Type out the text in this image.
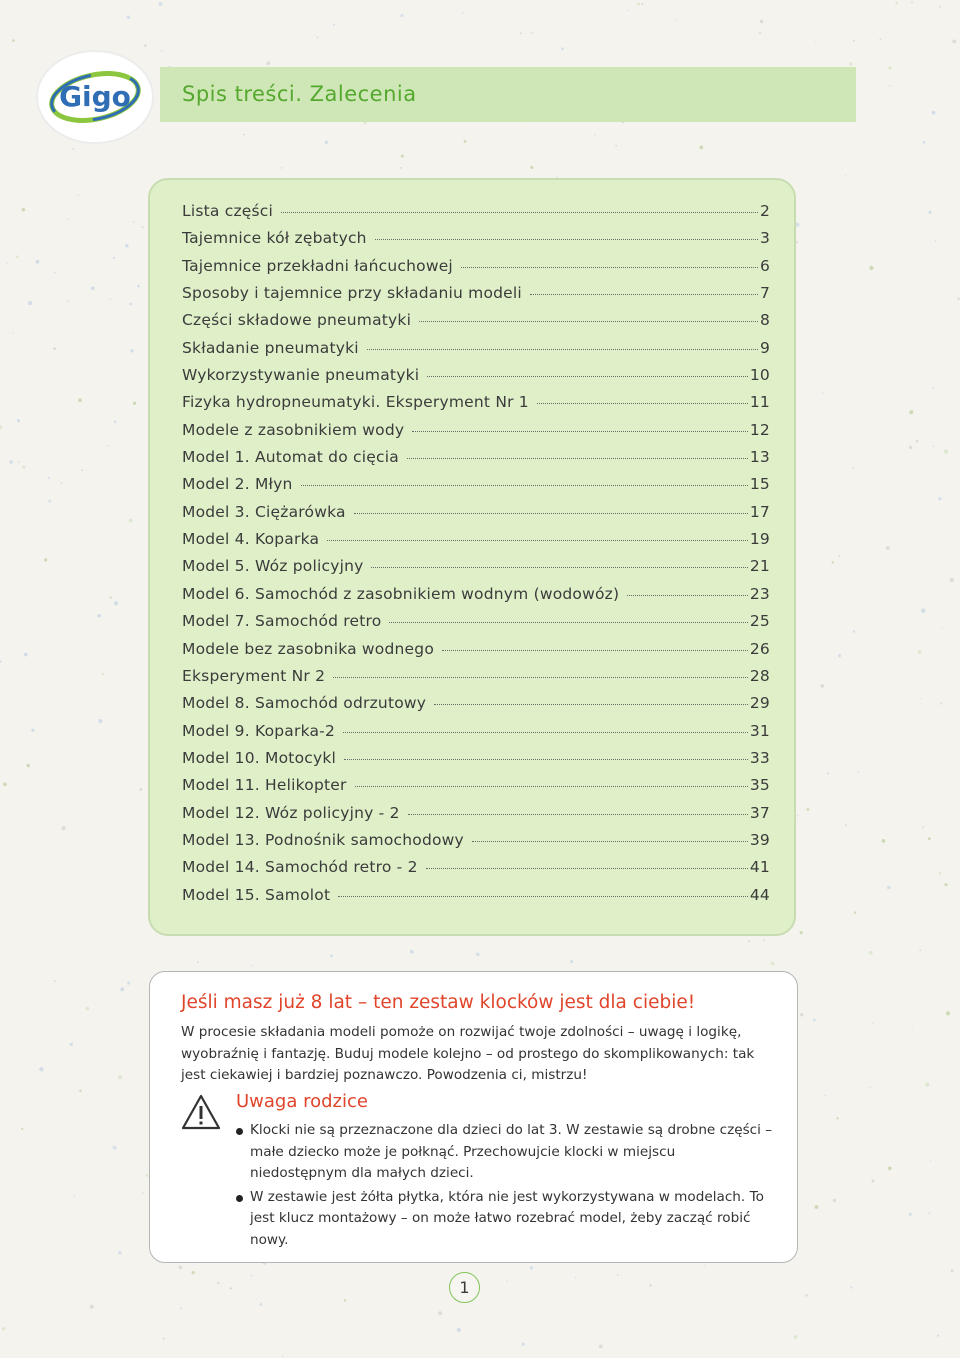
Gigo Spis treści. Zalecenia
Lista części	2
Tajemnice kół zębatych	3
Tajemnice przekładni łańcuchowej	6
Sposoby i tajemnice przy składaniu modeli	7
Części składowe pneumatyki	8
Składanie pneumatyki	9
Wykorzystywanie pneumatyki	10
Fizyka hydropneumatyki. Eksperyment Nr 1	11
Modele z zasobnikiem wody	12
Model 1. Automat do cięcia	13
Model 2. Młyn	15
Model 3. Ciężarówka	17
Model 4. Koparka	19
Model 5. Wóz policyjny	21
Model 6. Samochód z zasobnikiem wodnym (wodowóz)	23
Model 7. Samochód retro	25
Modele bez zasobnika wodnego	26
Eksperyment Nr 2	28
Model 8. Samochód odrzutowy	29
Model 9. Koparka-2	31
Model 10. Motocykl	33
Model 11. Helikopter	35
Model 12. Wóz policyjny - 2	37
Model 13. Podnośnik samochodowy	39
Model 14. Samochód retro - 2	41
Model 15. Samolot	44
Jeśli masz już 8 lat – ten zestaw klocków jest dla ciebie!
W procesie składania modeli pomoże on rozwijać twoje zdolności – uwagę i logikę, wyobraźnię i fantazję. Buduj modele kolejno – od prostego do skomplikowanych: tak jest ciekawiej i bardziej poznawczo. Powodzenia ci, mistrzu!
Uwaga rodzice
Klocki nie są przeznaczone dla dzieci do lat 3. W zestawie są drobne części – małe dziecko może je połknąć. Przechowujcie klocki w miejscu niedostępnym dla małych dzieci.
W zestawie jest żółta płytka, która nie jest wykorzystywana w modelach. To jest klucz montażowy – on może łatwo rozebrać model, żeby zacząć robić nowy.
1
